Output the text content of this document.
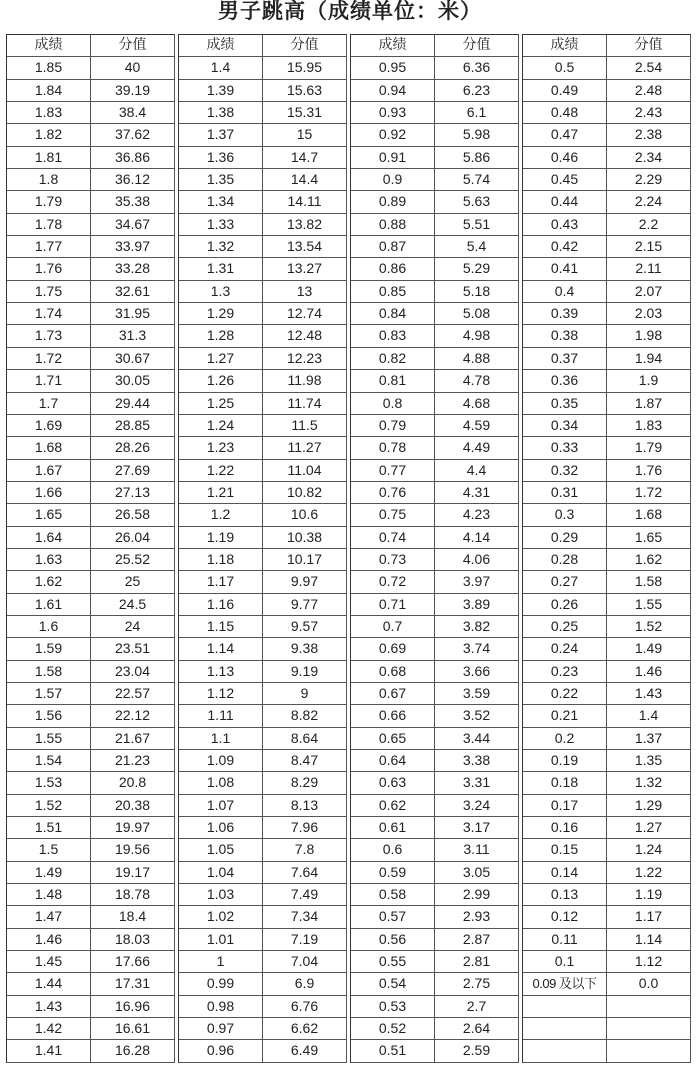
男子跳高（成绩单位：米）
成绩	分值
1.85	40
1.84	39.19
1.83	38.4
1.82	37.62
1.81	36.86
1.8	36.12
1.79	35.38
1.78	34.67
1.77	33.97
1.76	33.28
1.75	32.61
1.74	31.95
1.73	31.3
1.72	30.67
1.71	30.05
1.7	29.44
1.69	28.85
1.68	28.26
1.67	27.69
1.66	27.13
1.65	26.58
1.64	26.04
1.63	25.52
1.62	25
1.61	24.5
1.6	24
1.59	23.51
1.58	23.04
1.57	22.57
1.56	22.12
1.55	21.67
1.54	21.23
1.53	20.8
1.52	20.38
1.51	19.97
1.5	19.56
1.49	19.17
1.48	18.78
1.47	18.4
1.46	18.03
1.45	17.66
1.44	17.31
1.43	16.96
1.42	16.61
1.41	16.28
成绩	分值
1.4	15.95
1.39	15.63
1.38	15.31
1.37	15
1.36	14.7
1.35	14.4
1.34	14.11
1.33	13.82
1.32	13.54
1.31	13.27
1.3	13
1.29	12.74
1.28	12.48
1.27	12.23
1.26	11.98
1.25	11.74
1.24	11.5
1.23	11.27
1.22	11.04
1.21	10.82
1.2	10.6
1.19	10.38
1.18	10.17
1.17	9.97
1.16	9.77
1.15	9.57
1.14	9.38
1.13	9.19
1.12	9
1.11	8.82
1.1	8.64
1.09	8.47
1.08	8.29
1.07	8.13
1.06	7.96
1.05	7.8
1.04	7.64
1.03	7.49
1.02	7.34
1.01	7.19
1	7.04
0.99	6.9
0.98	6.76
0.97	6.62
0.96	6.49
成绩	分值
0.95	6.36
0.94	6.23
0.93	6.1
0.92	5.98
0.91	5.86
0.9	5.74
0.89	5.63
0.88	5.51
0.87	5.4
0.86	5.29
0.85	5.18
0.84	5.08
0.83	4.98
0.82	4.88
0.81	4.78
0.8	4.68
0.79	4.59
0.78	4.49
0.77	4.4
0.76	4.31
0.75	4.23
0.74	4.14
0.73	4.06
0.72	3.97
0.71	3.89
0.7	3.82
0.69	3.74
0.68	3.66
0.67	3.59
0.66	3.52
0.65	3.44
0.64	3.38
0.63	3.31
0.62	3.24
0.61	3.17
0.6	3.11
0.59	3.05
0.58	2.99
0.57	2.93
0.56	2.87
0.55	2.81
0.54	2.75
0.53	2.7
0.52	2.64
0.51	2.59
成绩	分值
0.5	2.54
0.49	2.48
0.48	2.43
0.47	2.38
0.46	2.34
0.45	2.29
0.44	2.24
0.43	2.2
0.42	2.15
0.41	2.11
0.4	2.07
0.39	2.03
0.38	1.98
0.37	1.94
0.36	1.9
0.35	1.87
0.34	1.83
0.33	1.79
0.32	1.76
0.31	1.72
0.3	1.68
0.29	1.65
0.28	1.62
0.27	1.58
0.26	1.55
0.25	1.52
0.24	1.49
0.23	1.46
0.22	1.43
0.21	1.4
0.2	1.37
0.19	1.35
0.18	1.32
0.17	1.29
0.16	1.27
0.15	1.24
0.14	1.22
0.13	1.19
0.12	1.17
0.11	1.14
0.1	1.12
0.09 及以下	0.0
